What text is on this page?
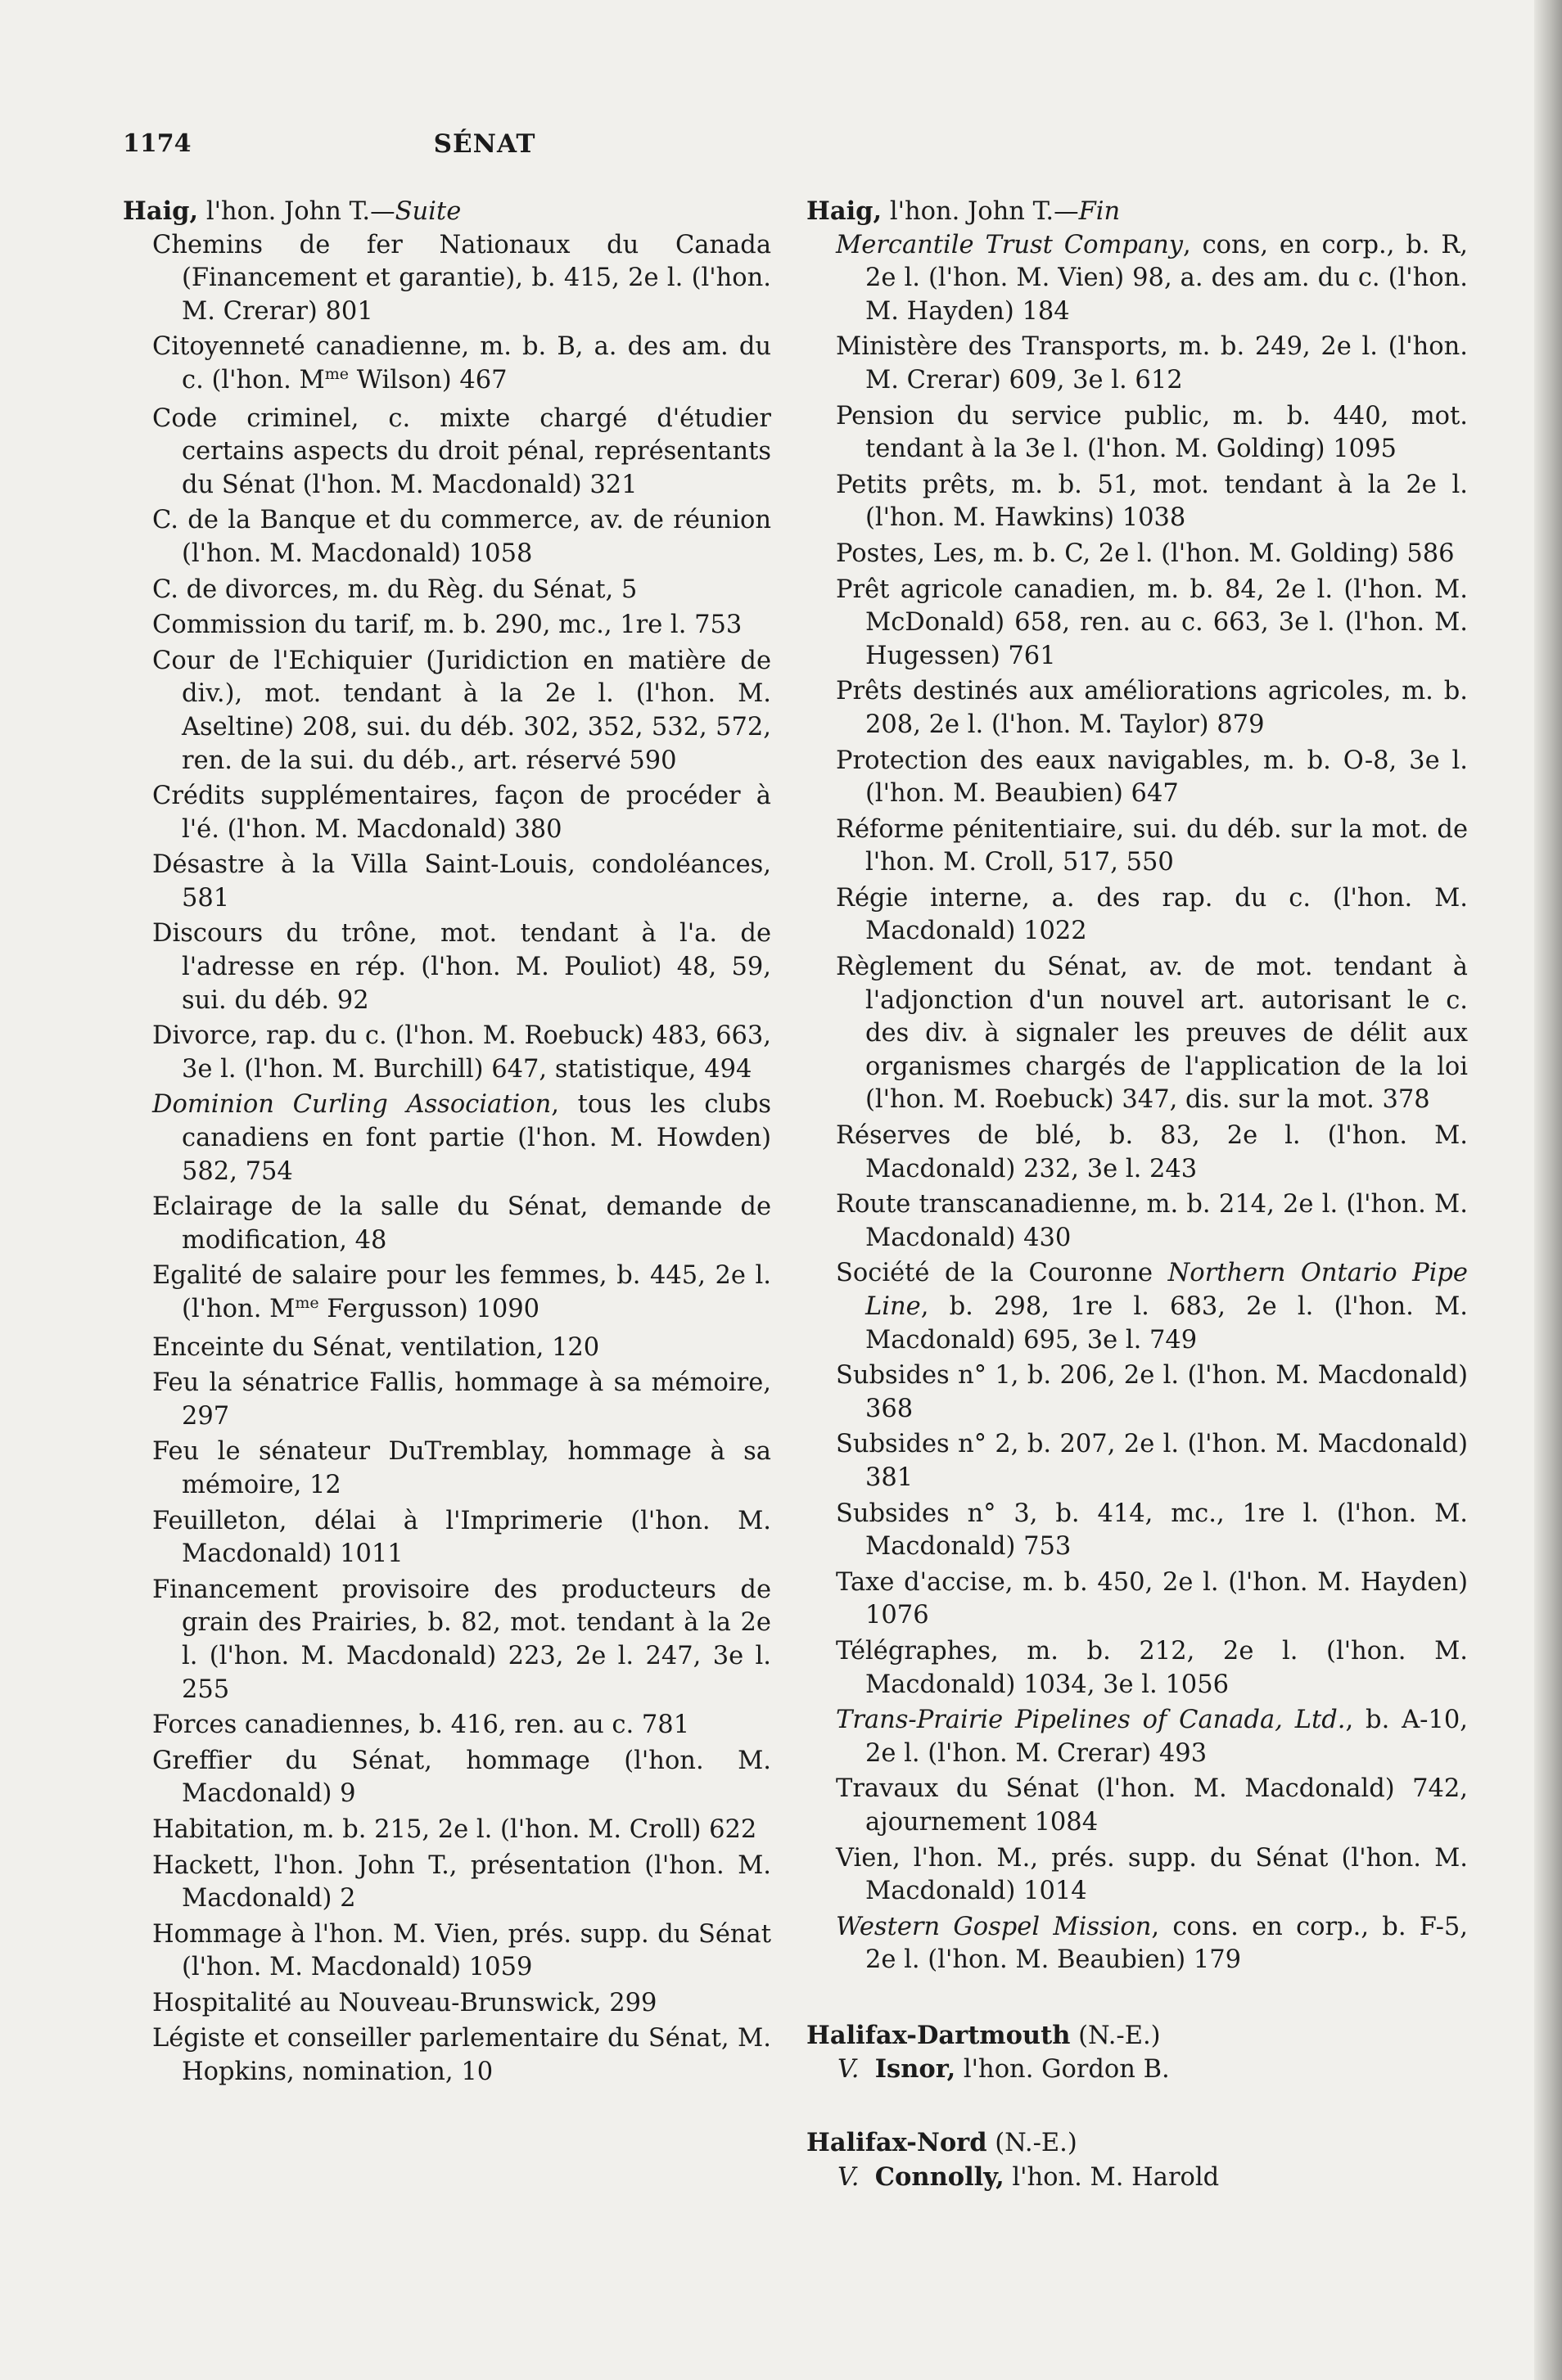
1174	SÉNAT

Haig, l'hon. John T.—Suite

Chemins de fer Nationaux du Canada (Financement et garantie), b. 415, 2e l. (l'hon. M. Crerar) 801

Citoyenneté canadienne, m. b. B, a. des am. du c. (l'hon. $M^{me}$ Wilson) 467

Code criminel, c. mixte chargé d'étudier certains aspects du droit pénal, représentants du Sénat (l'hon. M. Macdonald) 321

C. de la Banque et du commerce, av. de réunion (l'hon. M. Macdonald) 1058

C. de divorces, m. du Règ. du Sénat, 5

Commission du tarif, m. b. 290, mc., 1re l. 753

Cour de l'Echiquier (Juridiction en matière de div.), mot. tendant à la 2e l. (l'hon. M. Aseltine) 208, sui. du déb. 302, 352, 532, 572, ren. de la sui. du déb., art. réservé 590

Crédits supplémentaires, façon de procéder à l'é. (l'hon. M. Macdonald) 380

Désastre à la Villa Saint-Louis, condoléances, 581

Discours du trône, mot. tendant à l'a. de l'adresse en rép. (l'hon. M. Pouliot) 48, 59, sui. du déb. 92

Divorce, rap. du c. (l'hon. M. Roebuck) 483, 663, 3e l. (l'hon. M. Burchill) 647, statistique, 494

Dominion Curling Association, tous les clubs canadiens en font partie (l'hon. M. Howden) 582, 754

Eclairage de la salle du Sénat, demande de modification, 48

Egalité de salaire pour les femmes, b. 445, 2e l. (l'hon. $M^{me}$ Fergusson) 1090

Enceinte du Sénat, ventilation, 120

Feu la sénatrice Fallis, hommage à sa mémoire, 297

Feu le sénateur DuTremblay, hommage à sa mémoire, 12

Feuilleton, délai à l'Imprimerie (l'hon. M. Macdonald) 1011

Financement provisoire des producteurs de grain des Prairies, b. 82, mot. tendant à la 2e l. (l'hon. M. Macdonald) 223, 2e l. 247, 3e l. 255

Forces canadiennes, b. 416, ren. au c. 781

Greffier du Sénat, hommage (l'hon. M. Macdonald) 9

Habitation, m. b. 215, 2e l. (l'hon. M. Croll) 622

Hackett, l'hon. John T., présentation (l'hon. M. Macdonald) 2

Hommage à l'hon. M. Vien, prés. supp. du Sénat (l'hon. M. Macdonald) 1059

Hospitalité au Nouveau-Brunswick, 299

Légiste et conseiller parlementaire du Sénat, M. Hopkins, nomination, 10

Haig, l'hon. John T.—Fin

Mercantile Trust Company, cons, en corp., b. R, 2e l. (l'hon. M. Vien) 98, a. des am. du c. (l'hon. M. Hayden) 184

Ministère des Transports, m. b. 249, 2e l. (l'hon. M. Crerar) 609, 3e l. 612

Pension du service public, m. b. 440, mot. tendant à la 3e l. (l'hon. M. Golding) 1095

Petits prêts, m. b. 51, mot. tendant à la 2e l. (l'hon. M. Hawkins) 1038

Postes, Les, m. b. C, 2e l. (l'hon. M. Golding) 586

Prêt agricole canadien, m. b. 84, 2e l. (l'hon. M. McDonald) 658, ren. au c. 663, 3e l. (l'hon. M. Hugessen) 761

Prêts destinés aux améliorations agricoles, m. b. 208, 2e l. (l'hon. M. Taylor) 879

Protection des eaux navigables, m. b. O-8, 3e l. (l'hon. M. Beaubien) 647

Réforme pénitentiaire, sui. du déb. sur la mot. de l'hon. M. Croll, 517, 550

Régie interne, a. des rap. du c. (l'hon. M. Macdonald) 1022

Règlement du Sénat, av. de mot. tendant à l'adjonction d'un nouvel art. autorisant le c. des div. à signaler les preuves de délit aux organismes chargés de l'application de la loi (l'hon. M. Roebuck) 347, dis. sur la mot. 378

Réserves de blé, b. 83, 2e l. (l'hon. M. Macdonald) 232, 3e l. 243

Route transcanadienne, m. b. 214, 2e l. (l'hon. M. Macdonald) 430

Société de la Couronne Northern Ontario Pipe Line, b. 298, 1re l. 683, 2e l. (l'hon. M. Macdonald) 695, 3e l. 749

Subsides n° 1, b. 206, 2e l. (l'hon. M. Macdonald) 368

Subsides n° 2, b. 207, 2e l. (l'hon. M. Macdonald) 381

Subsides n° 3, b. 414, mc., 1re l. (l'hon. M. Macdonald) 753

Taxe d'accise, m. b. 450, 2e l. (l'hon. M. Hayden) 1076

Télégraphes, m. b. 212, 2e l. (l'hon. M. Macdonald) 1034, 3e l. 1056

Trans-Prairie Pipelines of Canada, Ltd., b. A-10, 2e l. (l'hon. M. Crerar) 493

Travaux du Sénat (l'hon. M. Macdonald) 742, ajournement 1084

Vien, l'hon. M., prés. supp. du Sénat (l'hon. M. Macdonald) 1014

Western Gospel Mission, cons. en corp., b. F-5, 2e l. (l'hon. M. Beaubien) 179

Halifax-Dartmouth (N.-E.)

V. Isnor, l'hon. Gordon B.

Halifax-Nord (N.-E.)

V. Connolly, l'hon. M. Harold
